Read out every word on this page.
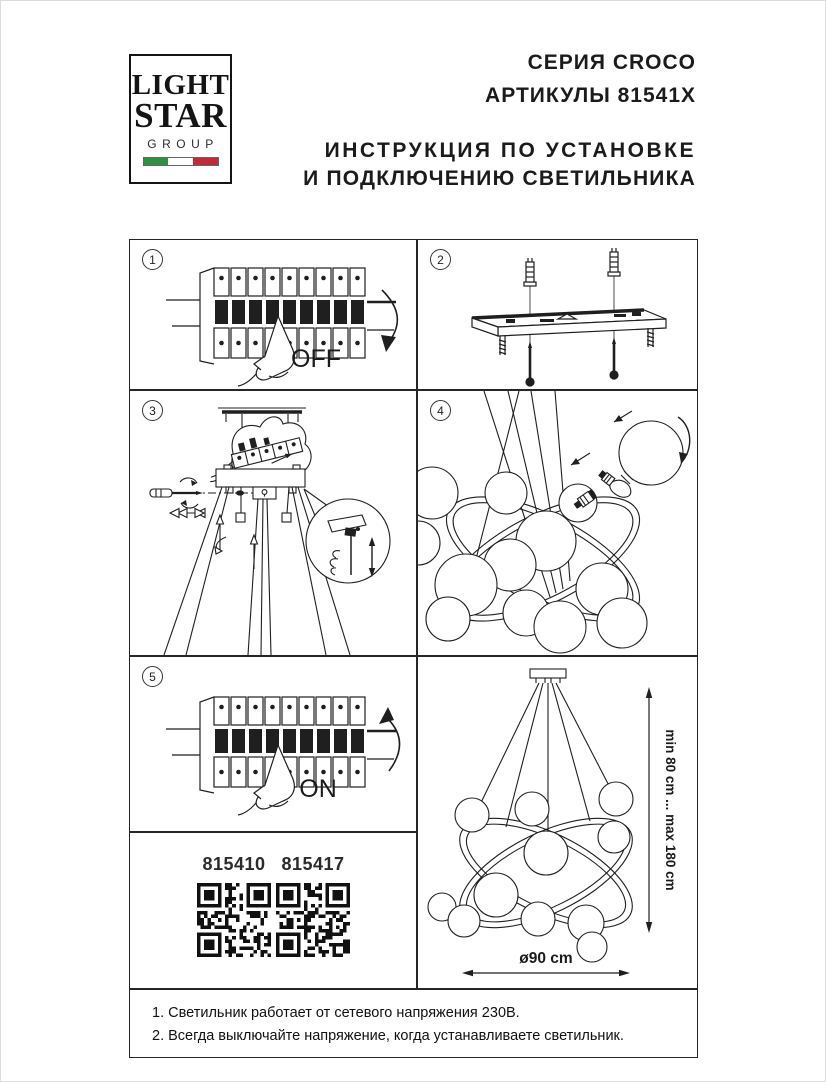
LIGHT
STAR
GROUP
СЕРИЯ CROCO
АРТИКУЛЫ 81541X
ИНСТРУКЦИЯ ПО УСТАНОВКЕ
И ПОДКЛЮЧЕНИЮ СВЕТИЛЬНИКА
1
OFF
2
3	4
5
ON
815410 815417	min 80 cm ... max 180 cm
ø90 cm
1. Светильник работает от сетевого напряжения 230В.
2. Всегда выключайте напряжение, когда устанавливаете светильник.
